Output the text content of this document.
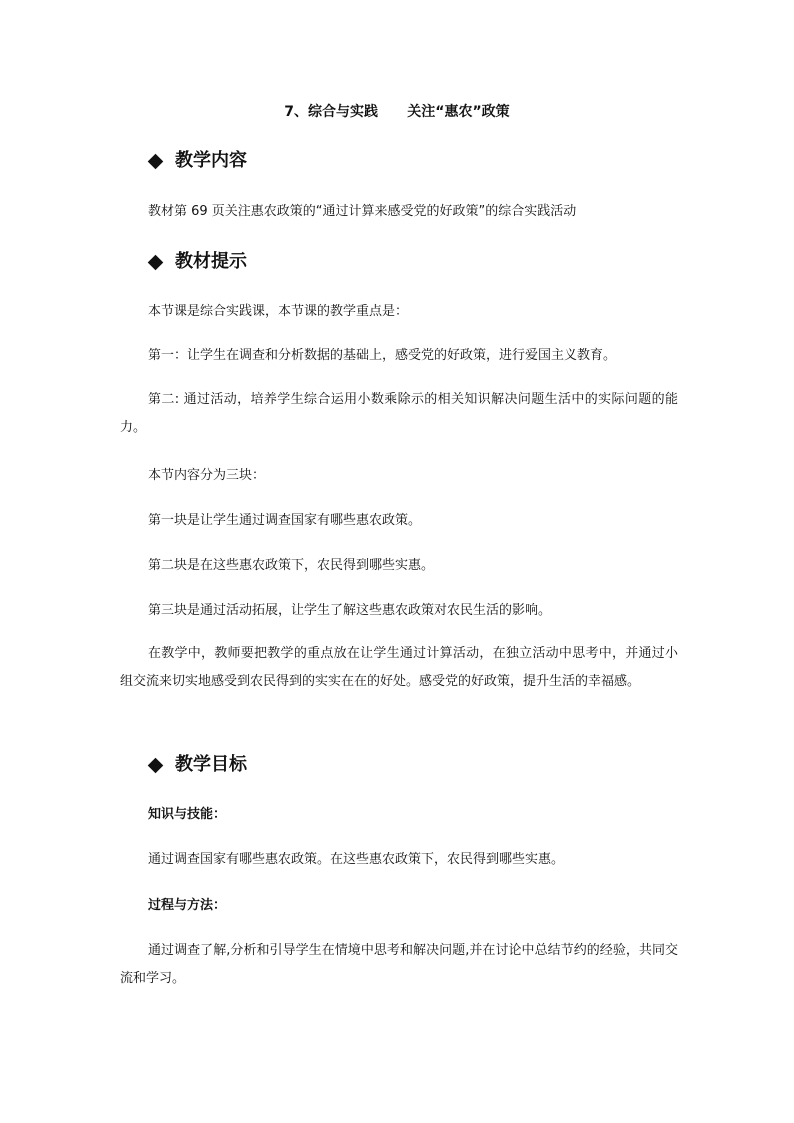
7、综合与实践      关注“惠农”政策
教学内容
教材第 69 页关注惠农政策的“通过计算来感受党的好政策”的综合实践活动
教材提示
本节课是综合实践课，本节课的教学重点是：
第一：让学生在调查和分析数据的基础上，感受党的好政策，进行爱国主义教育。
第二: 通过活动，培养学生综合运用小数乘除示的相关知识解决问题生活中的实际问题的能力。
本节内容分为三块：
第一块是让学生通过调查国家有哪些惠农政策。
第二块是在这些惠农政策下，农民得到哪些实惠。
第三块是通过活动拓展，让学生了解这些惠农政策对农民生活的影响。
在教学中，教师要把教学的重点放在让学生通过计算活动，在独立活动中思考中，并通过小组交流来切实地感受到农民得到的实实在在的好处。感受党的好政策，提升生活的幸福感。
教学目标
知识与技能：
通过调查国家有哪些惠农政策。在这些惠农政策下，农民得到哪些实惠。
过程与方法：
通过调查了解,分析和引导学生在情境中思考和解决问题,并在讨论中总结节约的经验，共同交流和学习。
